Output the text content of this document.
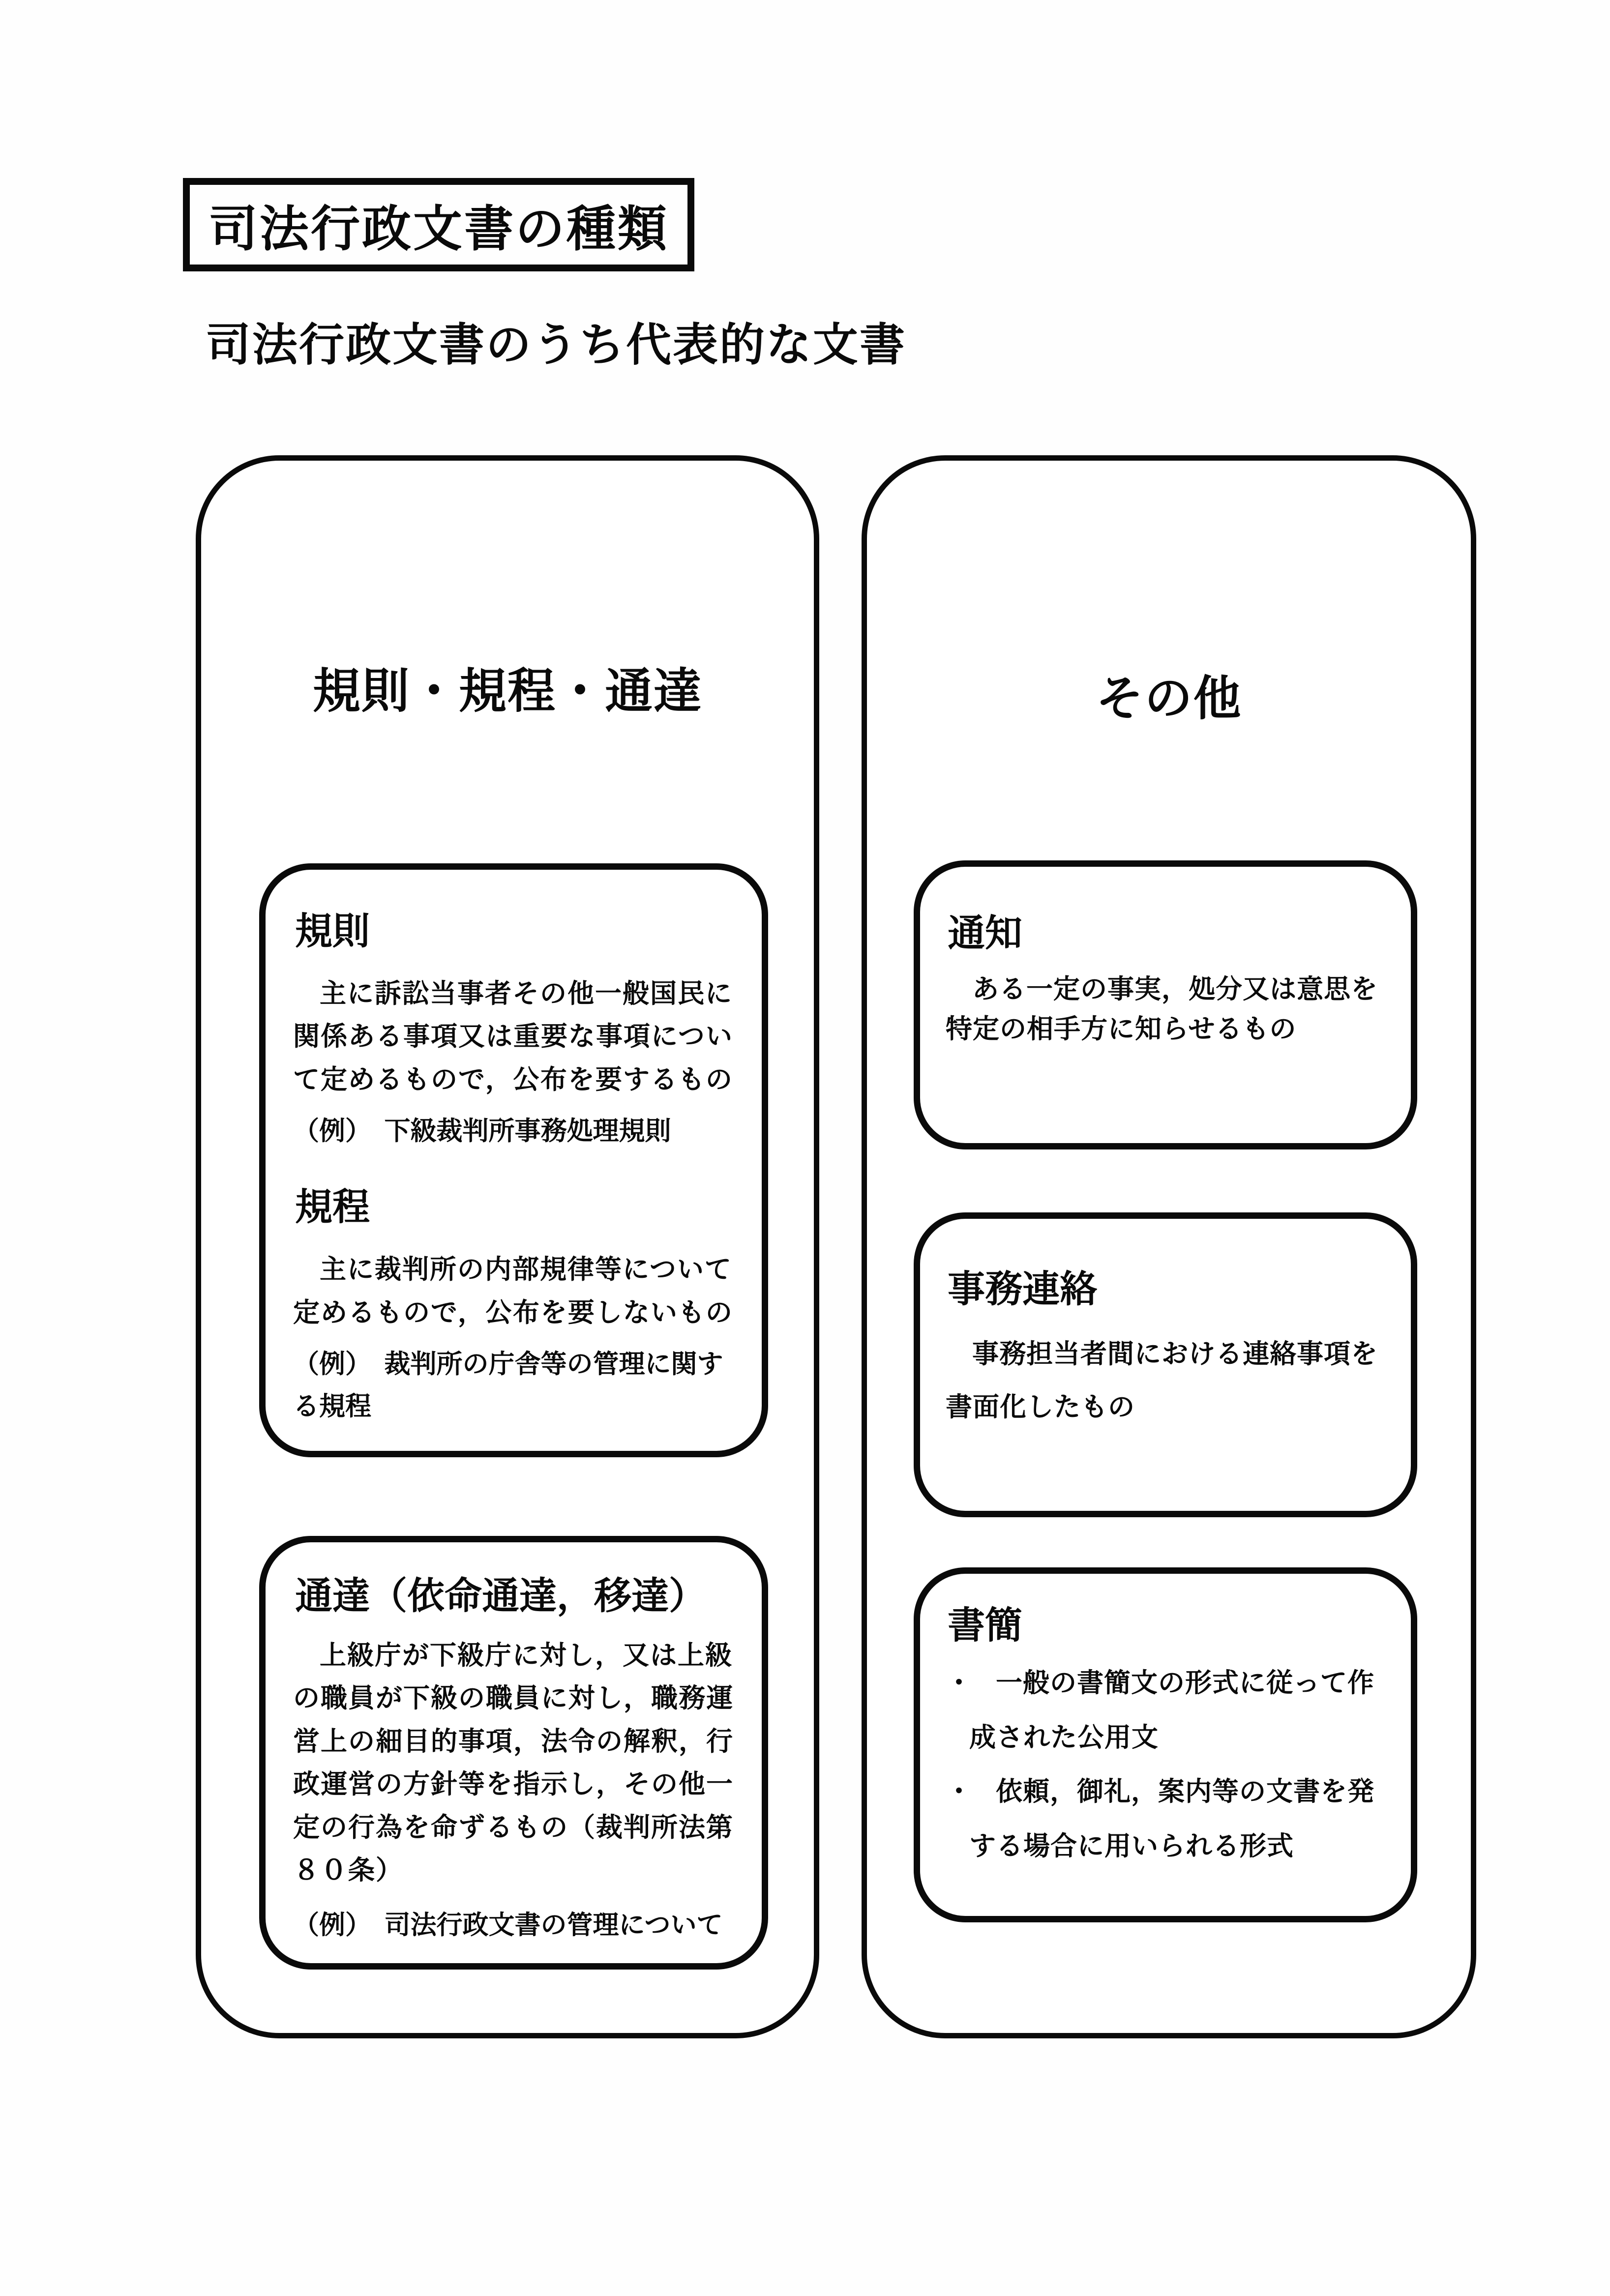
司法行政文書の種類
司法行政文書のうち代表的な文書
規則・規程・通達
規則

主に訴訟当事者その他一般国民に関係ある事項又は重要な事項について定めるもので，公布を要するもの

（例）　下級裁判所事務処理規則

規程

主に裁判所の内部規律等について定めるもので，公布を要しないもの

（例）　裁判所の庁舎等の管理に関する規程

通達（依命通達，移達）

上級庁が下級庁に対し，又は上級の職員が下級の職員に対し，職務運営上の細目的事項，法令の解釈，行政運営の方針等を指示し，その他一定の行為を命ずるもの（裁判所法第８０条）

（例）　司法行政文書の管理について

その他
通知

ある一定の事実，処分又は意思を特定の相手方に知らせるもの

事務連絡

事務担当者間における連絡事項を書面化したもの

書簡
・ 一般の書簡文の形式に従って作成された公用文
・ 依頼，御礼，案内等の文書を発する場合に用いられる形式
